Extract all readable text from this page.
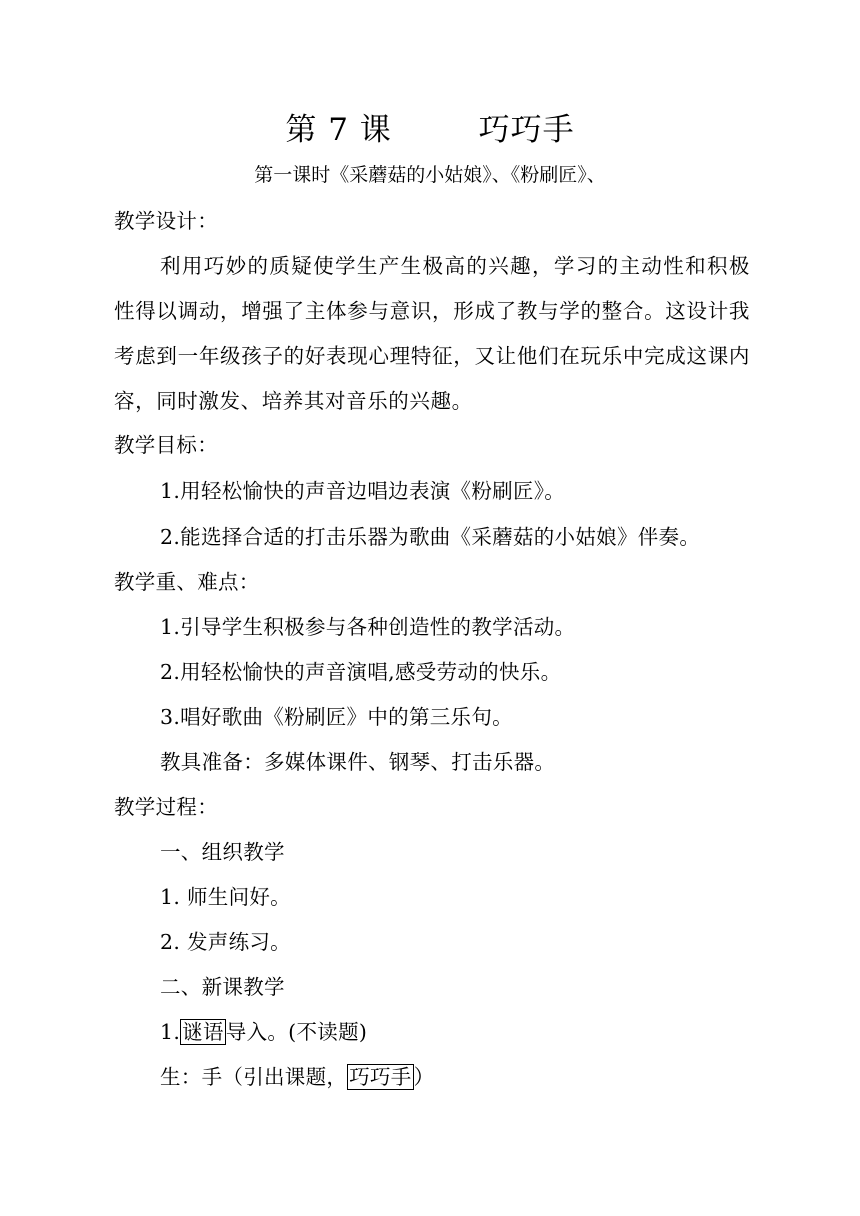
第 7 课        巧巧手
第一课时《采蘑菇的小姑娘》、《粉刷匠》、
教学设计：
利用巧妙的质疑使学生产生极高的兴趣，学习的主动性和积极性得以调动，增强了主体参与意识，形成了教与学的整合。这设计我考虑到一年级孩子的好表现心理特征，又让他们在玩乐中完成这课内容，同时激发、培养其对音乐的兴趣。
教学目标：
1.用轻松愉快的声音边唱边表演《粉刷匠》。
2.能选择合适的打击乐器为歌曲《采蘑菇的小姑娘》伴奏。
教学重、难点：
1.引导学生积极参与各种创造性的教学活动。
2.用轻松愉快的声音演唱,感受劳动的快乐。
3.唱好歌曲《粉刷匠》中的第三乐句。
教具准备：多媒体课件、钢琴、打击乐器。
教学过程：
一、组织教学
1. 师生问好。
2. 发声练习。
二、新课教学
1.谜语导入。(不读题)
生：手（引出课题，巧巧手）
